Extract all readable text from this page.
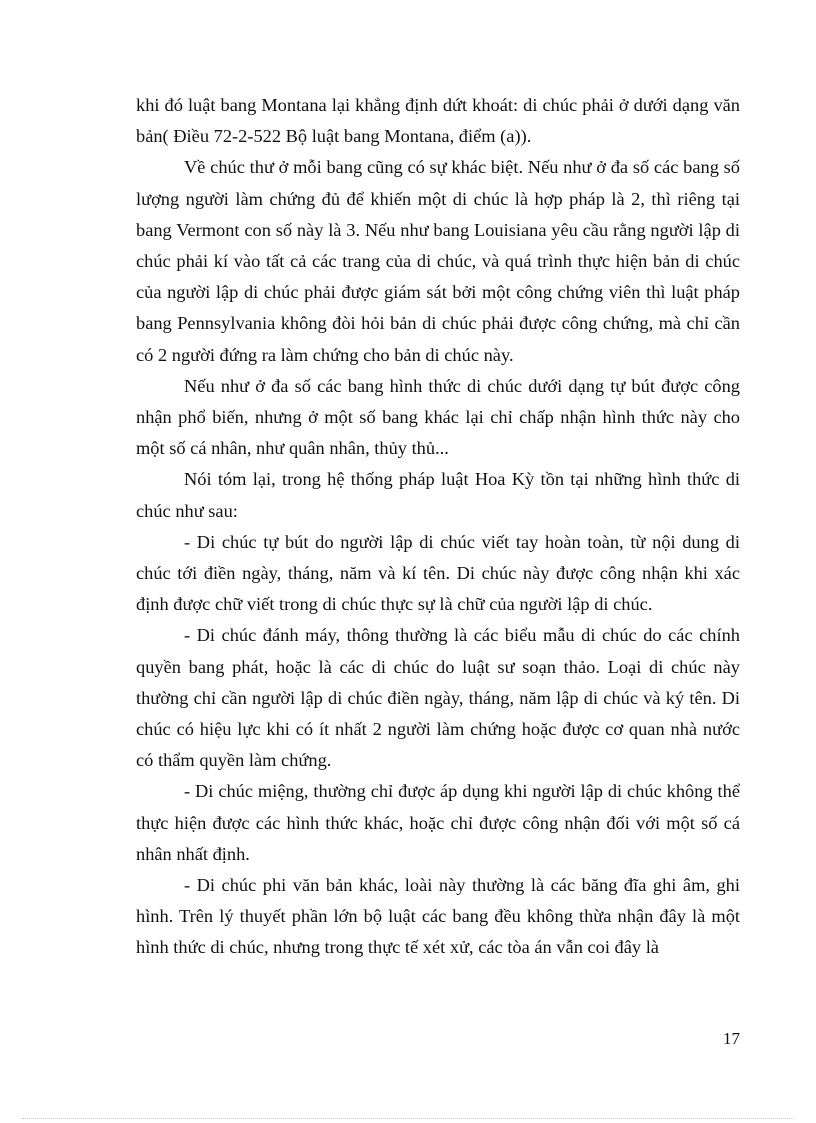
khi đó luật bang Montana lại khẳng định dứt khoát: di chúc phải ở dưới dạng văn bản( Điều 72-2-522 Bộ luật bang Montana, điểm (a)).

Về chúc thư ở mỗi bang cũng có sự khác biệt. Nếu như ở đa số các bang số lượng người làm chứng đủ để khiến một di chúc là hợp pháp là 2, thì riêng tại bang Vermont con số này là 3. Nếu như bang Louisiana yêu cầu rằng người lập di chúc phải kí vào tất cả các trang của di chúc, và quá trình thực hiện bản di chúc của người lập di chúc phải được giám sát bởi một công chứng viên thì luật pháp bang Pennsylvania không đòi hỏi bản di chúc phải được công chứng, mà chỉ cần có 2 người đứng ra làm chứng cho bản di chúc này.

Nếu như ở đa số các bang hình thức di chúc dưới dạng tự bút được công nhận phổ biến, nhưng ở một số bang khác lại chỉ chấp nhận hình thức này cho một số cá nhân, như quân nhân, thủy thủ...

Nói tóm lại, trong hệ thống pháp luật Hoa Kỳ tồn tại những hình thức di chúc như sau:

- Di chúc tự bút do người lập di chúc viết tay hoàn toàn, từ nội dung di chúc tới điền ngày, tháng, năm và kí tên. Di chúc này được công nhận khi xác định được chữ viết trong di chúc thực sự là chữ của người lập di chúc.

- Di chúc đánh máy, thông thường là các biểu mẫu di chúc do các chính quyền bang phát, hoặc là các di chúc do luật sư soạn thảo. Loại di chúc này thường chỉ cần người lập di chúc điền ngày, tháng, năm lập di chúc và ký tên. Di chúc có hiệu lực khi có ít nhất 2 người làm chứng hoặc được cơ quan nhà nước có thẩm quyền làm chứng.

- Di chúc miệng, thường chỉ được áp dụng khi người lập di chúc không thể thực hiện được các hình thức khác, hoặc chỉ được công nhận đối với một số cá nhân nhất định.

- Di chúc phi văn bản khác, loài này thường là các băng đĩa ghi âm, ghi hình. Trên lý thuyết phần lớn bộ luật các bang đều không thừa nhận đây là một hình thức di chúc, nhưng trong thực tế xét xử, các tòa án vẫn coi đây là

17
